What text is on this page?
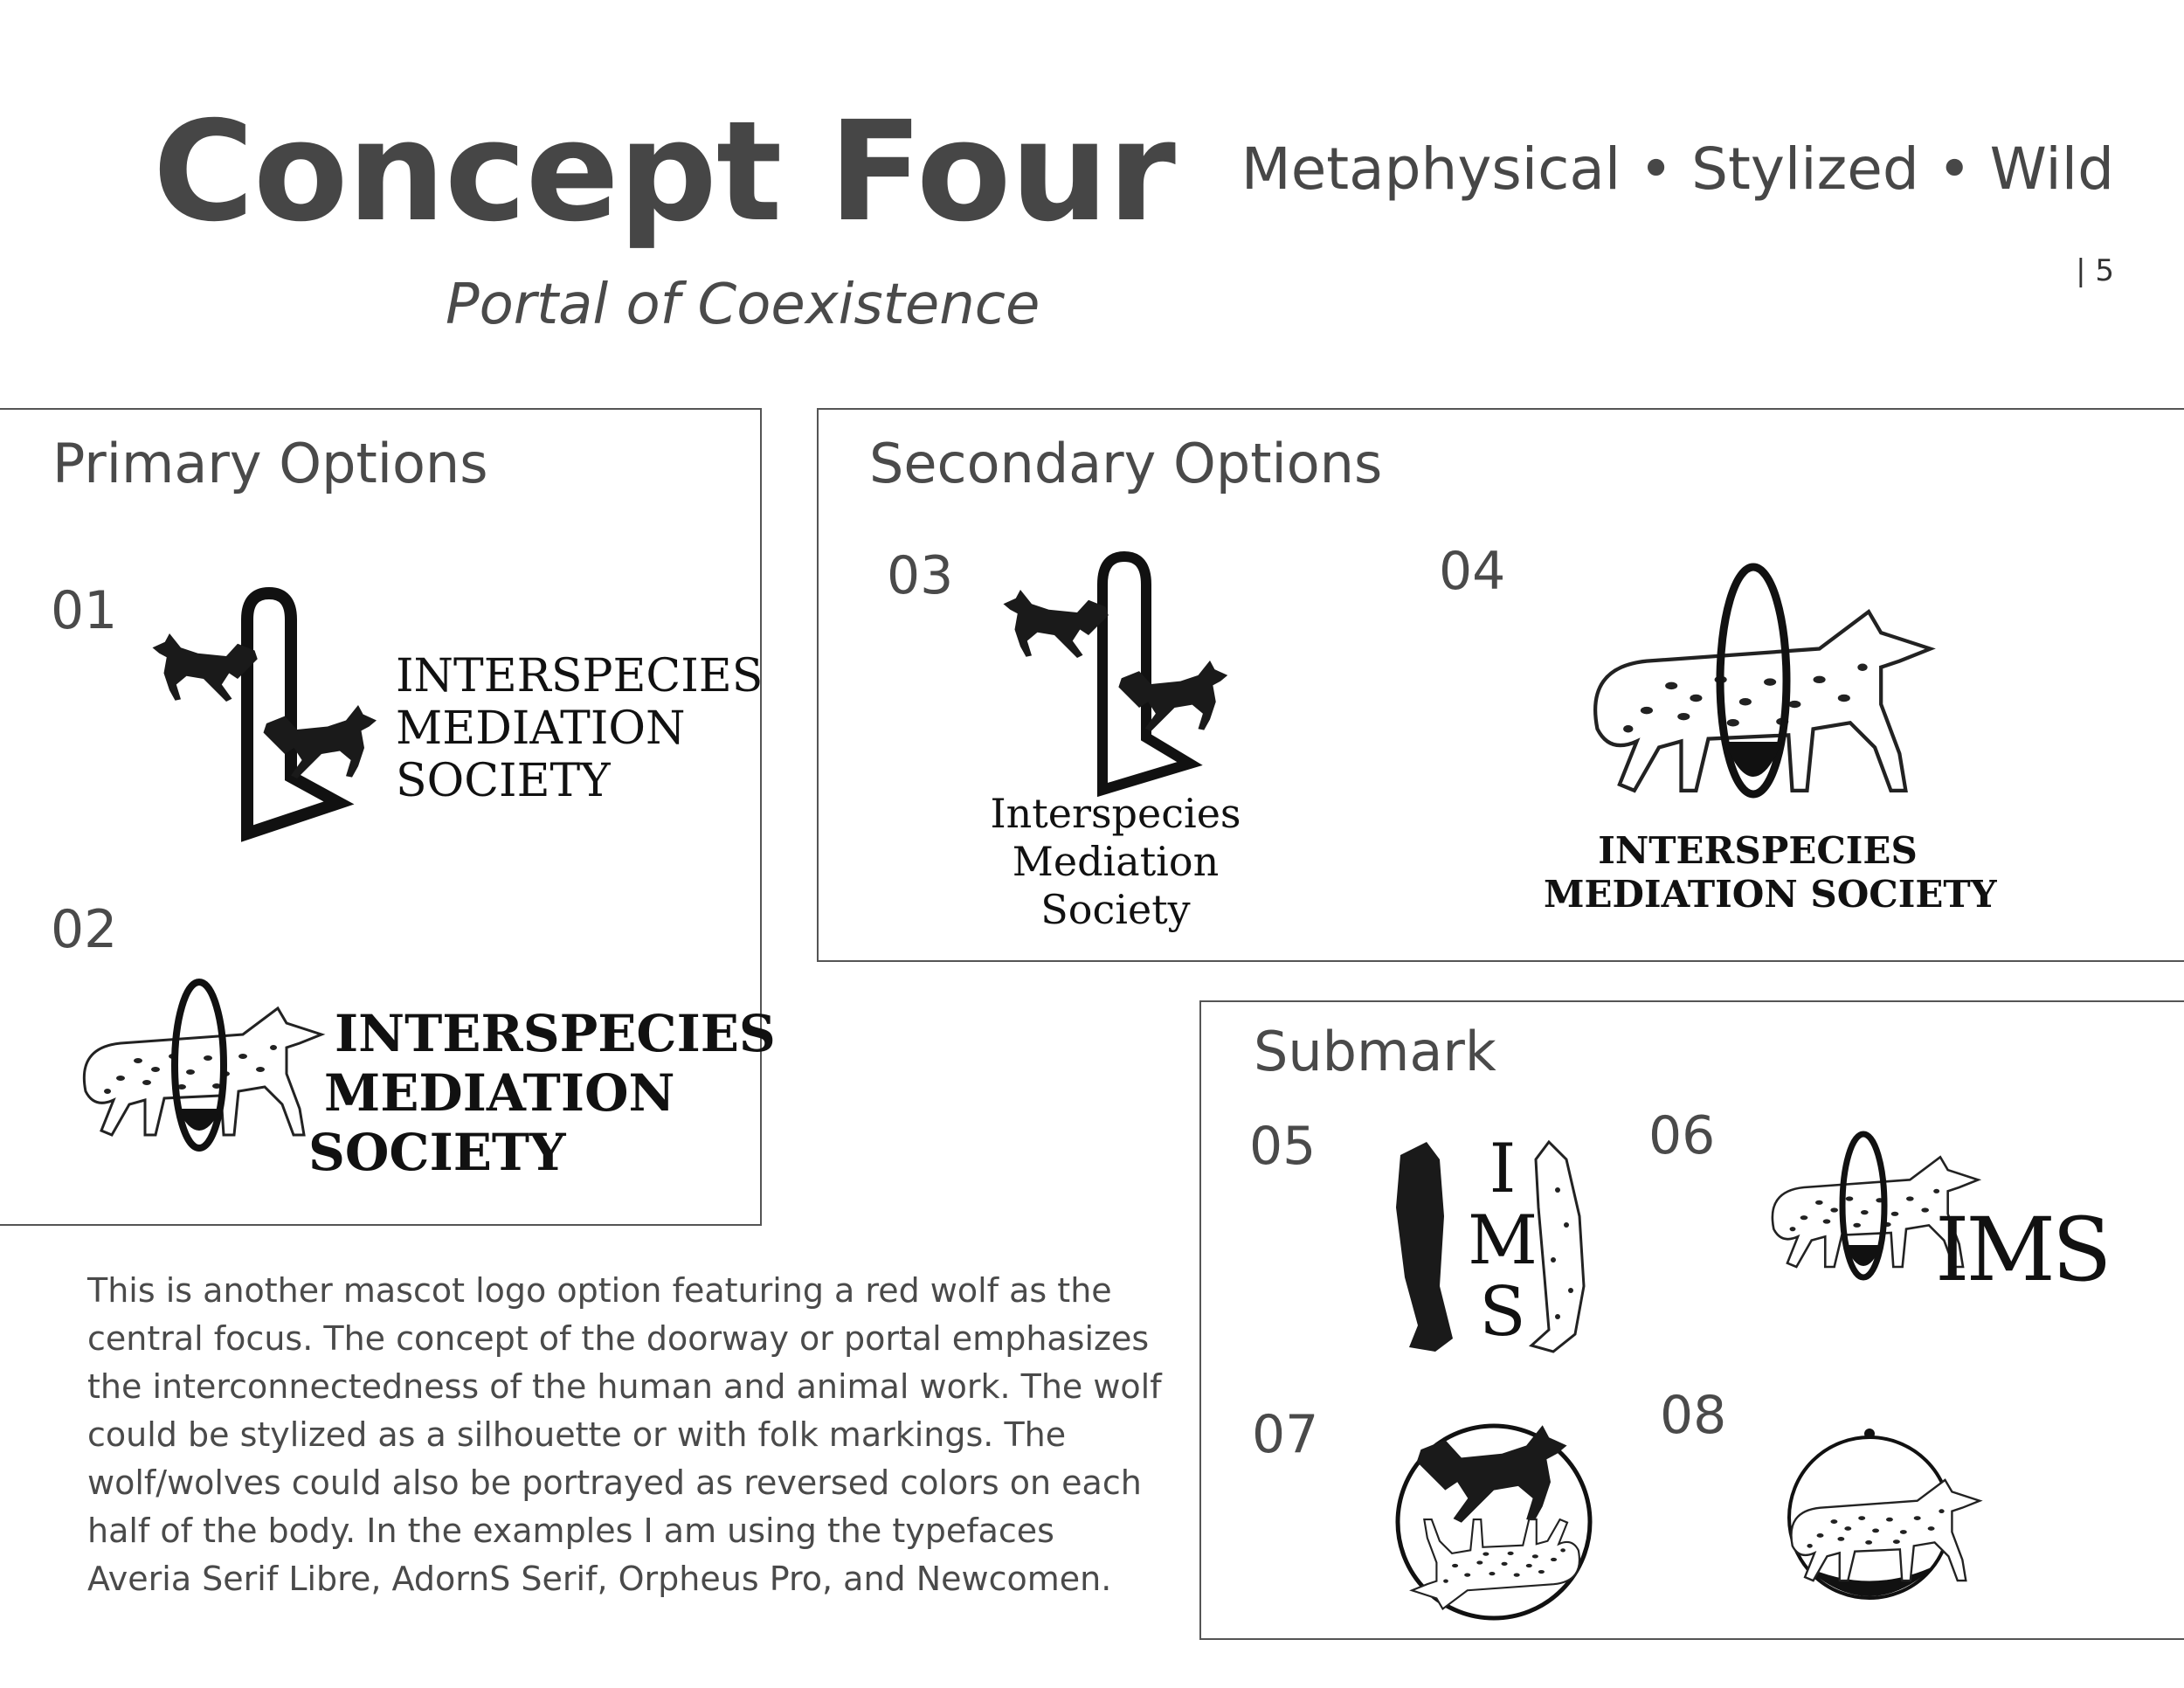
Concept Four
Portal of Coexistence
Metaphysical • Stylized • Wild
| 5
Primary Options
01
INTERSPECIES
MEDIATION
SOCIETY
02
INTERSPECIES
MEDIATION
SOCIETY
Secondary Options
03
Interspecies
Mediation
Society
04
INTERSPECIES
MEDIATION SOCIETY
Submark
05	I
M
S
06
IMS
07	08
This is another mascot logo option featuring a red wolf as the central focus. The concept of the doorway or portal emphasizes the interconnectedness of the human and animal work. The wolf could be stylized as a silhouette or with folk markings. The wolf/wolves could also be portrayed as reversed colors on each half of the body. In the examples I am using the typefaces Averia Serif Libre, AdornS Serif, Orpheus Pro, and Newcomen.
